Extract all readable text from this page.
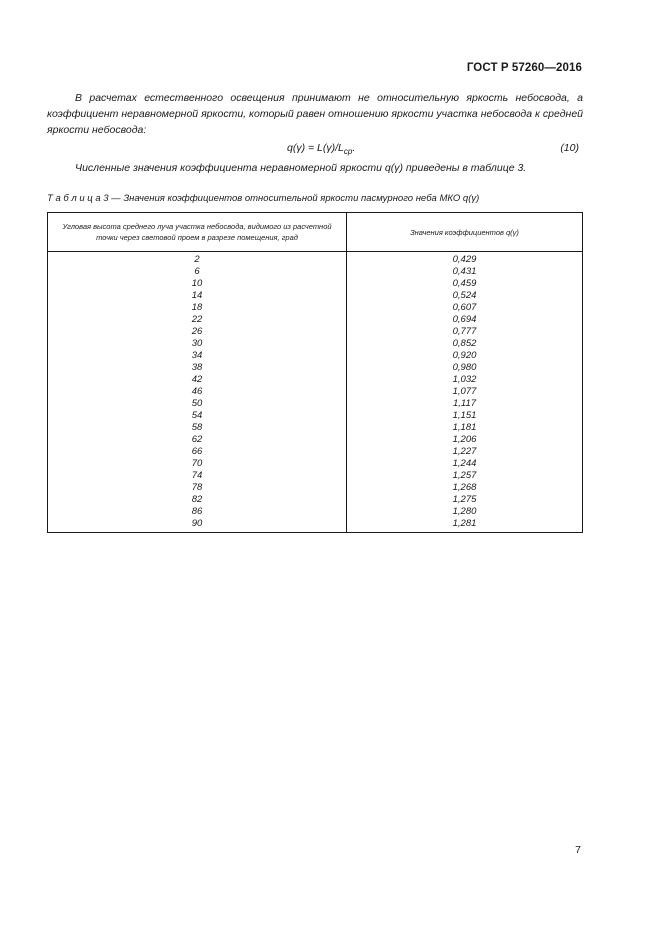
ГОСТ Р 57260—2016
В расчетах естественного освещения принимают не относительную яркость небосвода, а коэффициент неравномерной яркости, который равен отношению яркости участка небосвода к средней яркости небосвода:
$q(\gamma) = L(\gamma)/L_{ср}$.	(10)
Численные значения коэффициента неравномерной яркости q(γ) приведены в таблице 3.
Т а б л и ц а 3 — Значения коэффициентов относительной яркости пасмурного неба МКО q(γ)
Угловая высота среднего луча участка небосвода, видимого из расчетной точки через световой проем в разрезе помещения, град	Значения коэффициентов q(γ)
2	0,429
6	0,431
10	0,459
14	0,524
18	0,607
22	0,694
26	0,777
30	0,852
34	0,920
38	0,980
42	1,032
46	1,077
50	1,117
54	1,151
58	1,181
62	1,206
66	1,227
70	1,244
74	1,257
78	1,268
82	1,275
86	1,280
90	1,281
7
